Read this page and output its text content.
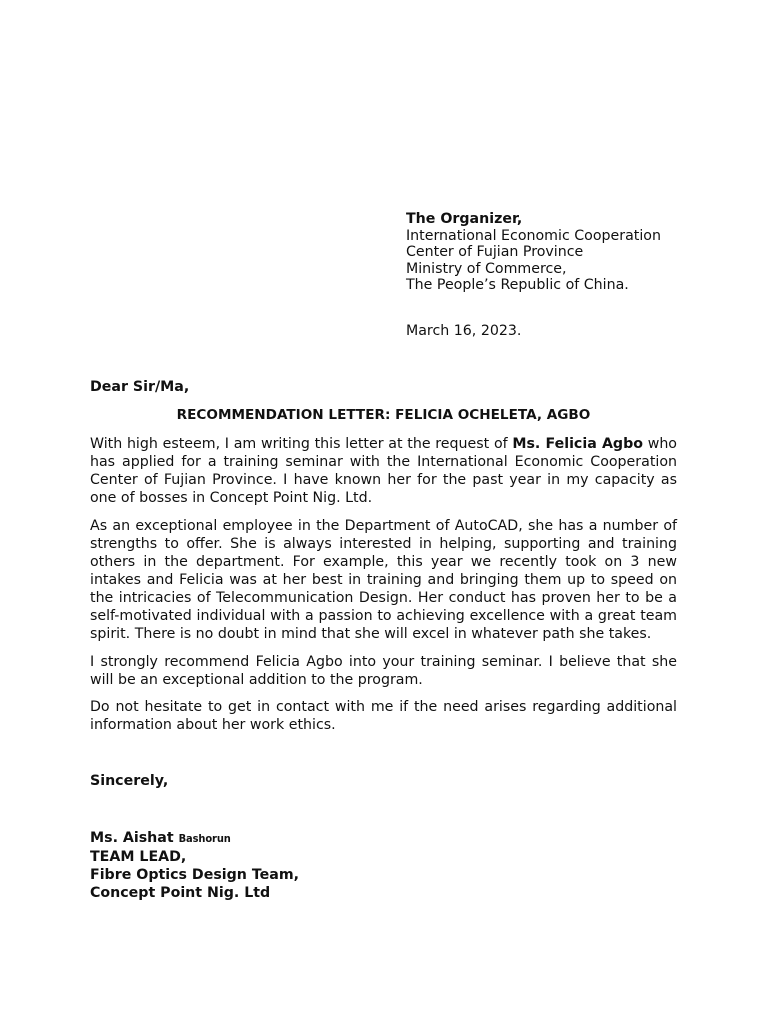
The Organizer,
International Economic Cooperation
Center of Fujian Province
Ministry of Commerce,
The People’s Republic of China.
March 16, 2023.
Dear Sir/Ma,
RECOMMENDATION LETTER: FELICIA OCHELETA, AGBO
With high esteem, I am writing this letter at the request of Ms. Felicia Agbo who has applied for a training seminar with the International Economic Cooperation Center of Fujian Province. I have known her for the past year in my capacity as one of bosses in Concept Point Nig. Ltd.
As an exceptional employee in the Department of AutoCAD, she has a number of strengths to offer. She is always interested in helping, supporting and training others in the department. For example, this year we recently took on 3 new intakes and Felicia was at her best in training and bringing them up to speed on the intricacies of Telecommunication Design. Her conduct has proven her to be a self-motivated individual with a passion to achieving excellence with a great team spirit. There is no doubt in mind that she will excel in whatever path she takes.
I strongly recommend Felicia Agbo into your training seminar. I believe that she will be an exceptional addition to the program.
Do not hesitate to get in contact with me if the need arises regarding additional information about her work ethics.
Sincerely,
Ms. Aishat Bashorun
TEAM LEAD,
Fibre Optics Design Team,
Concept Point Nig. Ltd
